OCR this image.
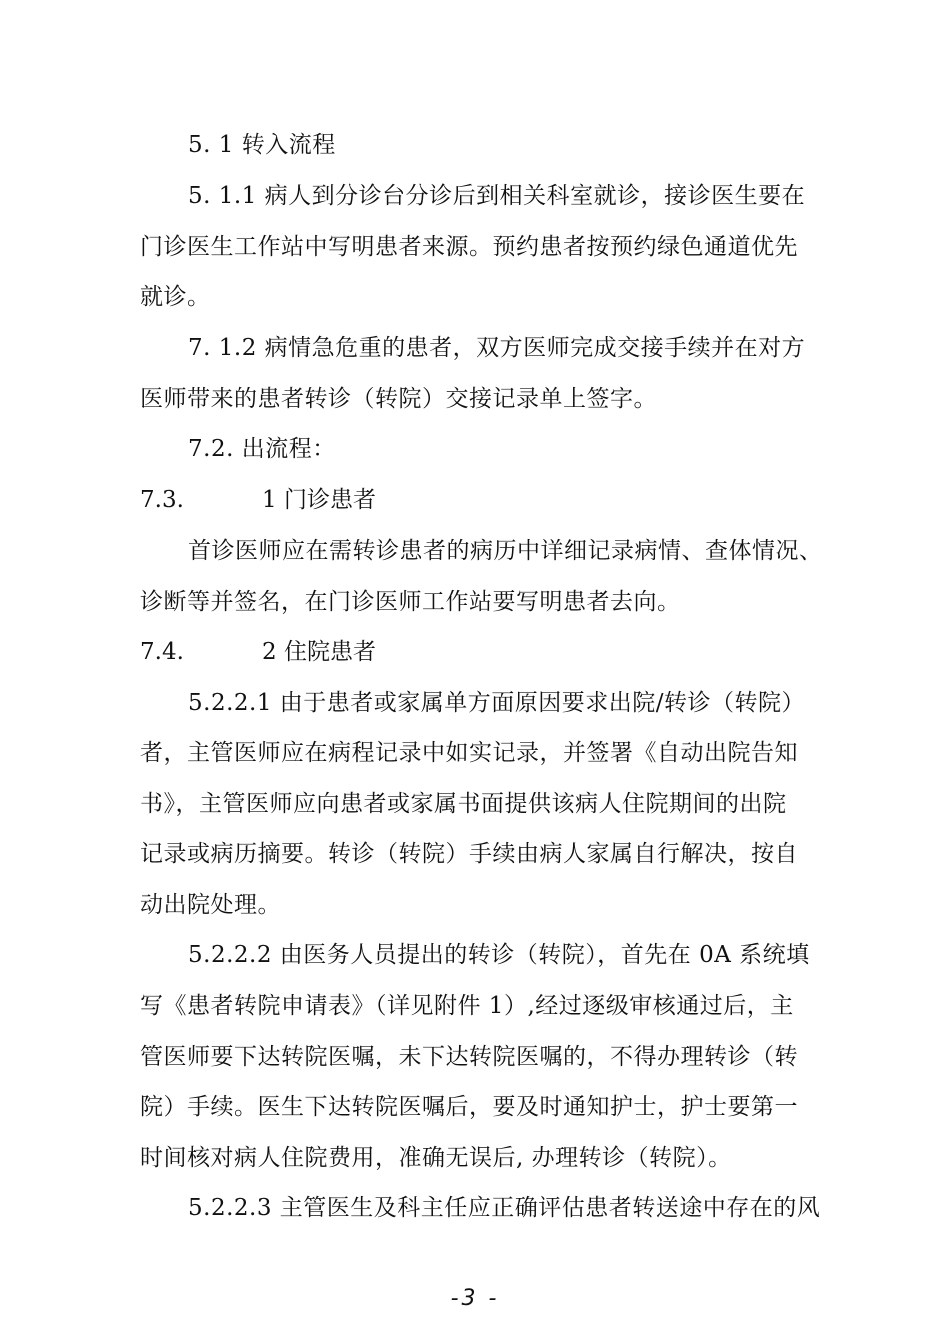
5. 1 转入流程
5. 1.1 病人到分诊台分诊后到相关科室就诊，接诊医生要在
门诊医生工作站中写明患者来源。预约患者按预约绿色通道优先
就诊。
7. 1.2 病情急危重的患者，双方医师完成交接手续并在对方
医师带来的患者转诊（转院）交接记录单上签字。
7.2. 出流程：
7.3.	1 门诊患者
首诊医师应在需转诊患者的病历中详细记录病情、查体情况、
诊断等并签名，在门诊医师工作站要写明患者去向。
7.4.	2 住院患者
5.2.2.1 由于患者或家属单方面原因要求出院/转诊（转院）
者，主管医师应在病程记录中如实记录，并签署《自动出院告知
书》，主管医师应向患者或家属书面提供该病人住院期间的出院
记录或病历摘要。转诊（转院）手续由病人家属自行解决，按自
动出院处理。
5.2.2.2 由医务人员提出的转诊（转院），首先在 0A 系统填
写《患者转院申请表》（详见附件 1）,经过逐级审核通过后，主
管医师要下达转院医嘱，未下达转院医嘱的，不得办理转诊（转
院）手续。医生下达转院医嘱后，要及时通知护士，护士要第一
时间核对病人住院费用，准确无误后, 办理转诊（转院）。
5.2.2.3 主管医生及科主任应正确评估患者转送途中存在的风
-3 -
